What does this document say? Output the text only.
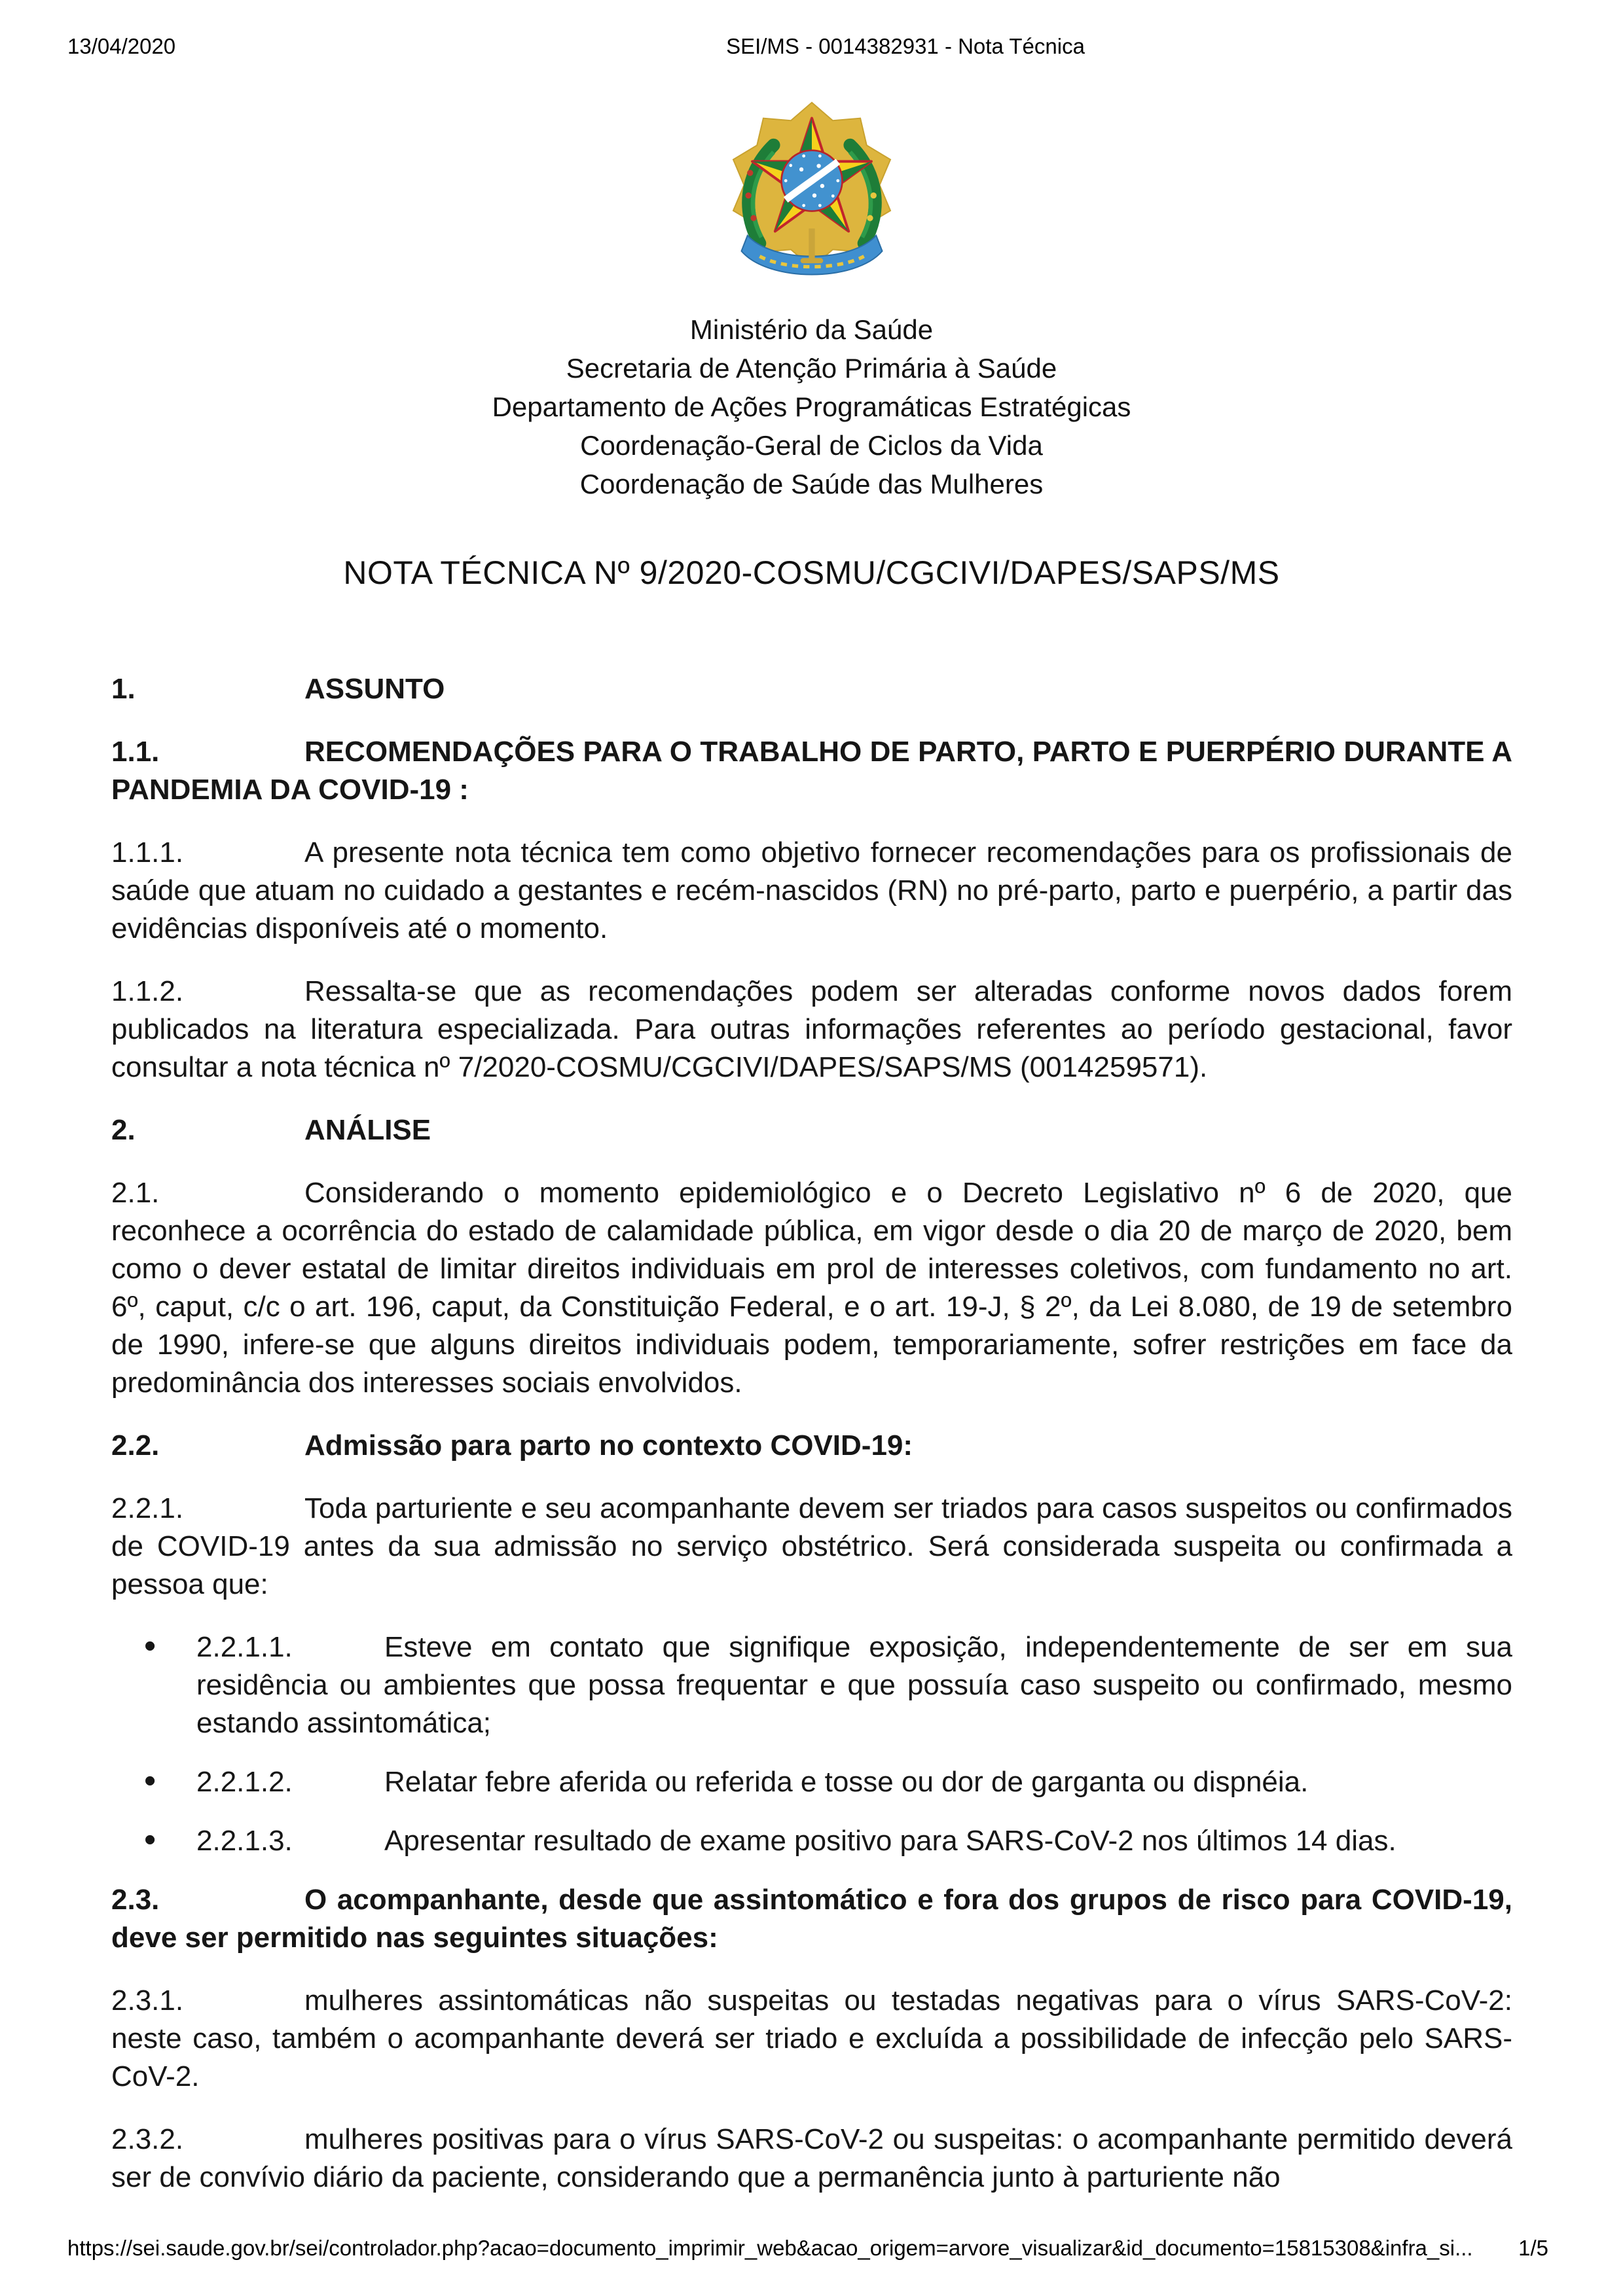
13/04/2020	SEI/MS - 0014382931 - Nota Técnica
Ministério da Saúde
Secretaria de Atenção Primária à Saúde
Departamento de Ações Programáticas Estratégicas
Coordenação-Geral de Ciclos da Vida
Coordenação de Saúde das Mulheres
NOTA TÉCNICA Nº 9/2020-COSMU/CGCIVI/DAPES/SAPS/MS
1.	ASSUNTO
1.1.	RECOMENDAÇÕES PARA O TRABALHO DE PARTO, PARTO E PUERPÉRIO DURANTE A PANDEMIA DA COVID-19 :
1.1.1.	A presente nota técnica tem como objetivo fornecer recomendações para os profissionais de saúde que atuam no cuidado a gestantes e recém-nascidos (RN) no pré-parto, parto e puerpério, a partir das evidências disponíveis até o momento.
1.1.2.	Ressalta-se que as recomendações podem ser alteradas conforme novos dados forem publicados na literatura especializada. Para outras informações referentes ao período gestacional, favor consultar a nota técnica nº 7/2020-COSMU/CGCIVI/DAPES/SAPS/MS (0014259571).
2.	ANÁLISE
2.1.	Considerando o momento epidemiológico e o Decreto Legislativo nº 6 de 2020, que reconhece a ocorrência do estado de calamidade pública, em vigor desde o dia 20 de março de 2020, bem como o dever estatal de limitar direitos individuais em prol de interesses coletivos, com fundamento no art. 6º, caput, c/c o art. 196, caput, da Constituição Federal, e o art. 19-J, § 2º, da Lei 8.080, de 19 de setembro de 1990, infere-se que alguns direitos individuais podem, temporariamente, sofrer restrições em face da predominância dos interesses sociais envolvidos.
2.2.	Admissão para parto no contexto COVID-19:
2.2.1.	Toda parturiente e seu acompanhante devem ser triados para casos suspeitos ou confirmados de COVID-19 antes da sua admissão no serviço obstétrico. Será considerada suspeita ou confirmada a pessoa que:
• 2.2.1.1.	Esteve em contato que signifique exposição, independentemente de ser em sua residência ou ambientes que possa frequentar e que possuía caso suspeito ou confirmado, mesmo estando assintomática;
• 2.2.1.2.	Relatar febre aferida ou referida e tosse ou dor de garganta ou dispnéia.
• 2.2.1.3.	Apresentar resultado de exame positivo para SARS-CoV-2 nos últimos 14 dias.
2.3.	O acompanhante, desde que assintomático e fora dos grupos de risco para COVID-19, deve ser permitido nas seguintes situações:
2.3.1.	mulheres assintomáticas não suspeitas ou testadas negativas para o vírus SARS-CoV-2: neste caso, também o acompanhante deverá ser triado e excluída a possibilidade de infecção pelo SARS-CoV-2.
2.3.2.	mulheres positivas para o vírus SARS-CoV-2 ou suspeitas: o acompanhante permitido deverá ser de convívio diário da paciente, considerando que a permanência junto à parturiente não
https://sei.saude.gov.br/sei/controlador.php?acao=documento_imprimir_web&acao_origem=arvore_visualizar&id_documento=15815308&infra_si... 1/5
